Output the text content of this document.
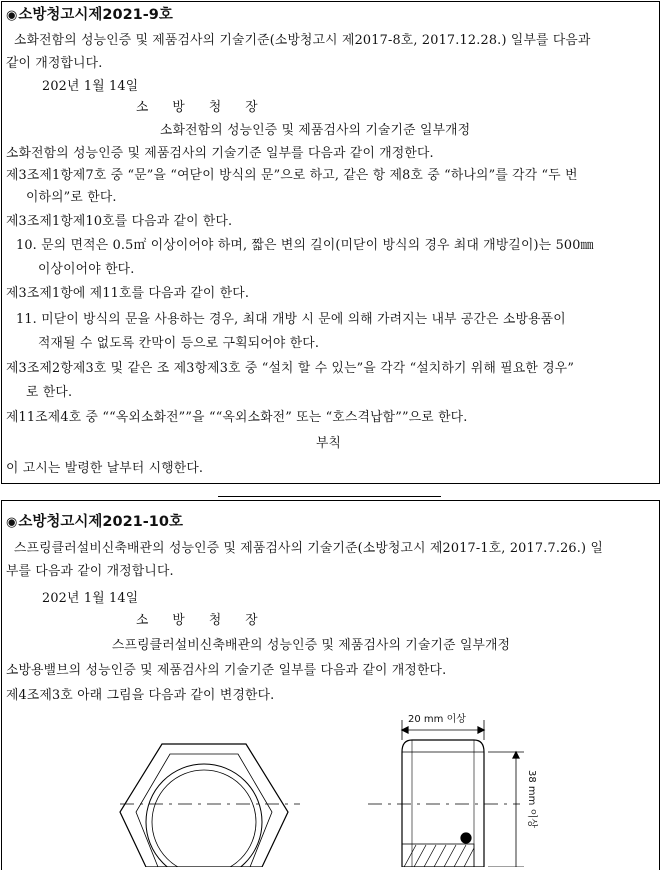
◉소방청고시제2021-9호
소화전함의 성능인증 및 제품검사의 기술기준(소방청고시 제2017-8호, 2017.12.28.) 일부를 다음과
같이 개정합니다.
202년 1월 14일
소 방 청 장
소화전함의 성능인증 및 제품검사의 기술기준 일부개정
소화전함의 성능인증 및 제품검사의 기술기준 일부를 다음과 같이 개정한다.
제3조제1항제7호 중 “문”을 “여닫이 방식의 문”으로 하고, 같은 항 제8호 중 “하나의”를 각각 “두 번
이하의”로 한다.
제3조제1항제10호를 다음과 같이 한다.
10. 문의 면적은 0.5㎡ 이상이어야 하며, 짧은 변의 길이(미닫이 방식의 경우 최대 개방길이)는 500㎜
이상이어야 한다.
제3조제1항에 제11호를 다음과 같이 한다.
11. 미닫이 방식의 문을 사용하는 경우, 최대 개방 시 문에 의해 가려지는 내부 공간은 소방용품이
적재될 수 없도록 칸막이 등으로 구획되어야 한다.
제3조제2항제3호 및 같은 조 제3항제3호 중 “설치 할 수 있는”을 각각 “설치하기 위해 필요한 경우”
로 한다.
제11조제4호 중 ““옥외소화전””을 ““옥외소화전” 또는 “호스격납함””으로 한다.
부칙
이 고시는 발령한 날부터 시행한다.
◉소방청고시제2021-10호
스프링클러설비신축배관의 성능인증 및 제품검사의 기술기준(소방청고시 제2017-1호, 2017.7.26.) 일
부를 다음과 같이 개정합니다.
202년 1월 14일
소 방 청 장
스프링클러설비신축배관의 성능인증 및 제품검사의 기술기준 일부개정
소방용밸브의 성능인증 및 제품검사의 기술기준 일부를 다음과 같이 개정한다.
제4조제3호 아래 그림을 다음과 같이 변경한다.
20 mm 이상
38 mm 이상
